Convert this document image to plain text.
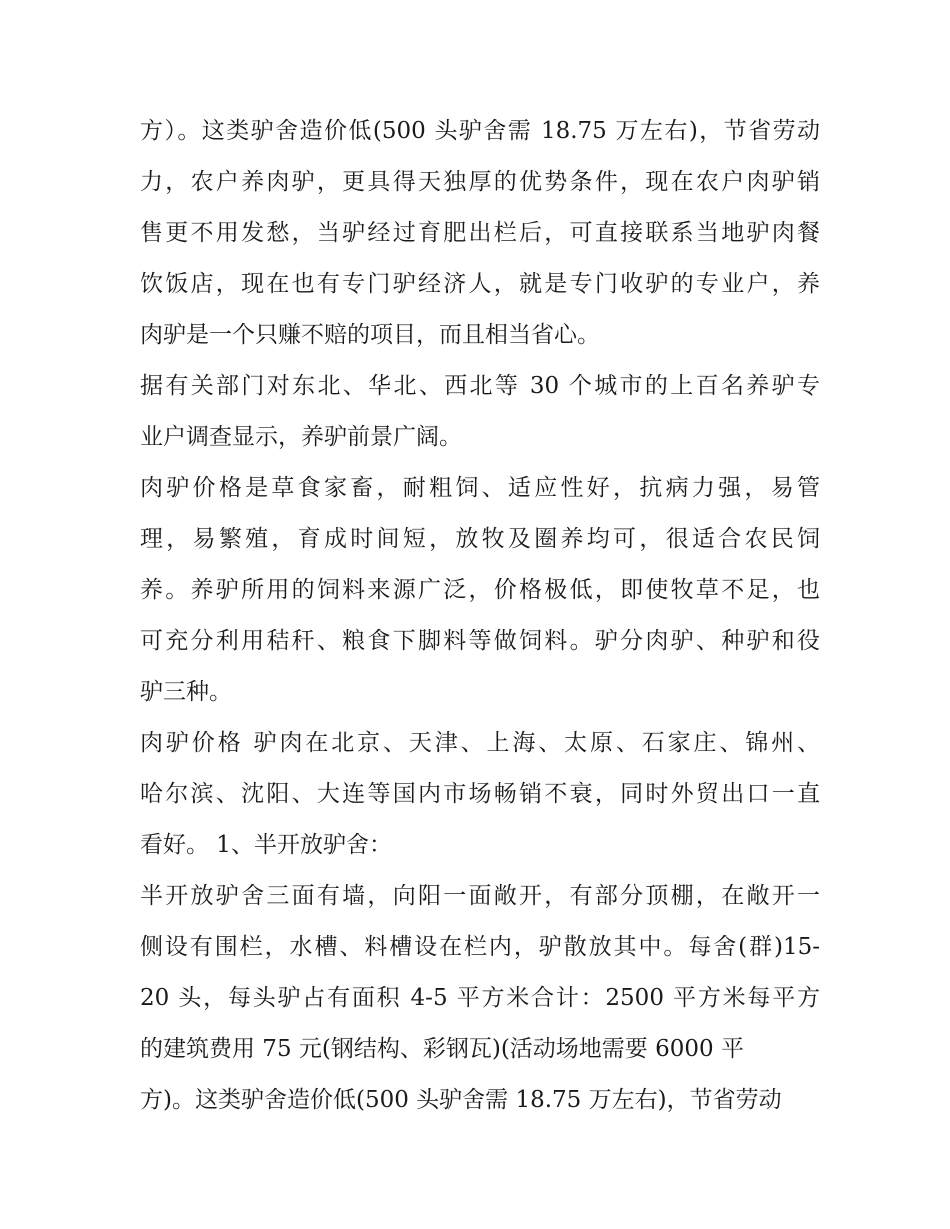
方）。这类驴舍造价低(500 头驴舍需 18.75 万左右)，节省劳动
力，农户养肉驴，更具得天独厚的优势条件，现在农户肉驴销
售更不用发愁，当驴经过育肥出栏后，可直接联系当地驴肉餐
饮饭店，现在也有专门驴经济人，就是专门收驴的专业户，养
肉驴是一个只赚不赔的项目，而且相当省心。
据有关部门对东北、华北、西北等 30 个城市的上百名养驴专
业户调查显示，养驴前景广阔。
肉驴价格是草食家畜，耐粗饲、适应性好，抗病力强，易管
理，易繁殖，育成时间短，放牧及圈养均可，很适合农民饲
养。养驴所用的饲料来源广泛，价格极低，即使牧草不足，也
可充分利用秸秆、粮食下脚料等做饲料。驴分肉驴、种驴和役
驴三种。
肉驴价格 驴肉在北京、天津、上海、太原、石家庄、锦州、
哈尔滨、沈阳、大连等国内市场畅销不衰，同时外贸出口一直
看好。 1、半开放驴舍：
半开放驴舍三面有墙，向阳一面敞开，有部分顶棚，在敞开一
侧设有围栏，水槽、料槽设在栏内，驴散放其中。每舍(群)15-
20 头，每头驴占有面积 4-5 平方米合计：2500 平方米每平方
的建筑费用 75 元(钢结构、彩钢瓦)(活动场地需要 6000 平
方)。这类驴舍造价低(500 头驴舍需 18.75 万左右)，节省劳动
